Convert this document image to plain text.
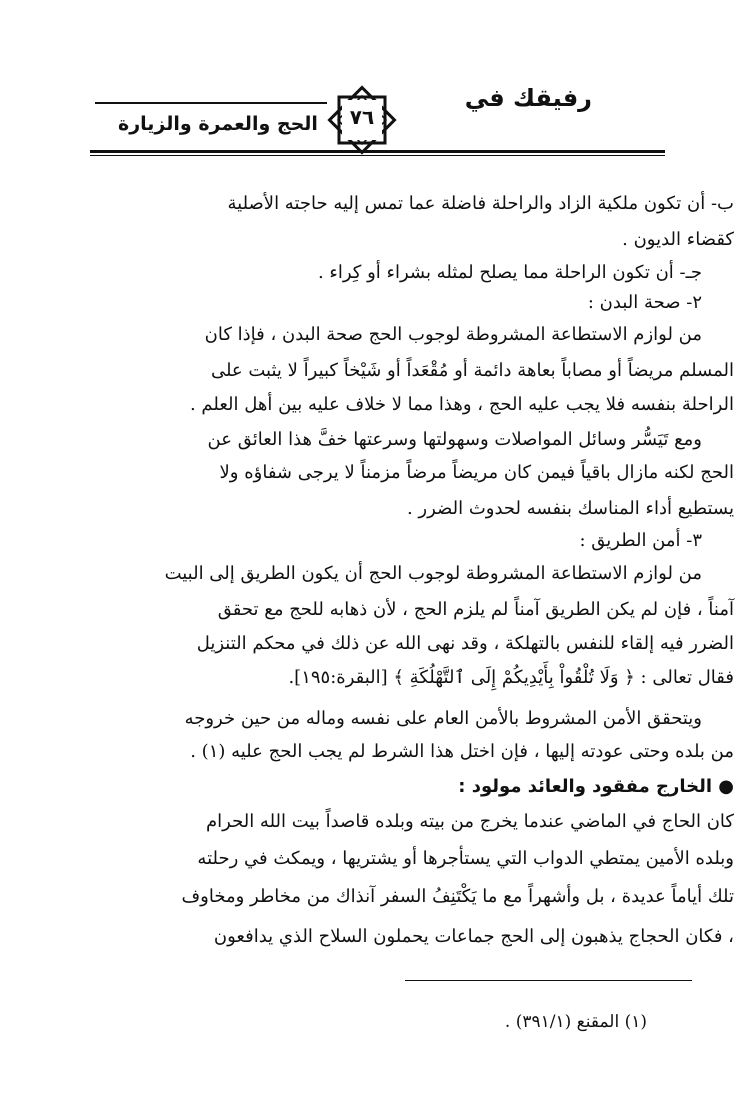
رفيقك في
الحج والعمرة والزيارة	٧٦
ب- أن تكون ملكية الزاد والراحلة فاضلة عما تمس إليه حاجته الأصلية
كقضاء الديون .
جـ- أن تكون الراحلة مما يصلح لمثله بشراء أو كِراء .
٢- صحة البدن :
من لوازم الاستطاعة المشروطة لوجوب الحج صحة البدن ، فإذا كان
المسلم مريضاً أو مصاباً بعاهة دائمة أو مُقْعَداً أو شَيْخاً كبيراً لا يثبت على
الراحلة بنفسه فلا يجب عليه الحج ، وهذا مما لا خلاف عليه بين أهل العلم .
ومع تَيَسُّر وسائل المواصلات وسهولتها وسرعتها خفَّ هذا العائق عن
الحج لكنه مازال باقياً فيمن كان مريضاً مرضاً مزمناً لا يرجى شفاؤه ولا
يستطيع أداء المناسك بنفسه لحدوث الضرر .
٣- أمن الطريق :
من لوازم الاستطاعة المشروطة لوجوب الحج أن يكون الطريق إلى البيت
آمناً ، فإن لم يكن الطريق آمناً لم يلزم الحج ، لأن ذهابه للحج مع تحقق
الضرر فيه إلقاء للنفس بالتهلكة ، وقد نهى الله عن ذلك في محكم التنزيل
فقال تعالى : ﴿ وَلَا تُلْقُواْ بِأَيْدِيكُمْ إِلَى ٱلتَّهْلُكَةِ ﴾ [البقرة:١٩٥].
ويتحقق الأمن المشروط بالأمن العام على نفسه وماله من حين خروجه
من بلده وحتى عودته إليها ، فإن اختل هذا الشرط لم يجب الحج عليه (١) .
● الخارج مفقود والعائد مولود :
كان الحاج في الماضي عندما يخرج من بيته وبلده قاصداً بيت الله الحرام
وبلده الأمين يمتطي الدواب التي يستأجرها أو يشتريها ، ويمكث في رحلته
تلك أياماً عديدة ، بل وأشهراً مع ما يَكْتَنِفُ السفر آنذاك من مخاطر ومخاوف
، فكان الحجاج يذهبون إلى الحج جماعات يحملون السلاح الذي يدافعون
(١) المقنع (٣٩١/١) .
